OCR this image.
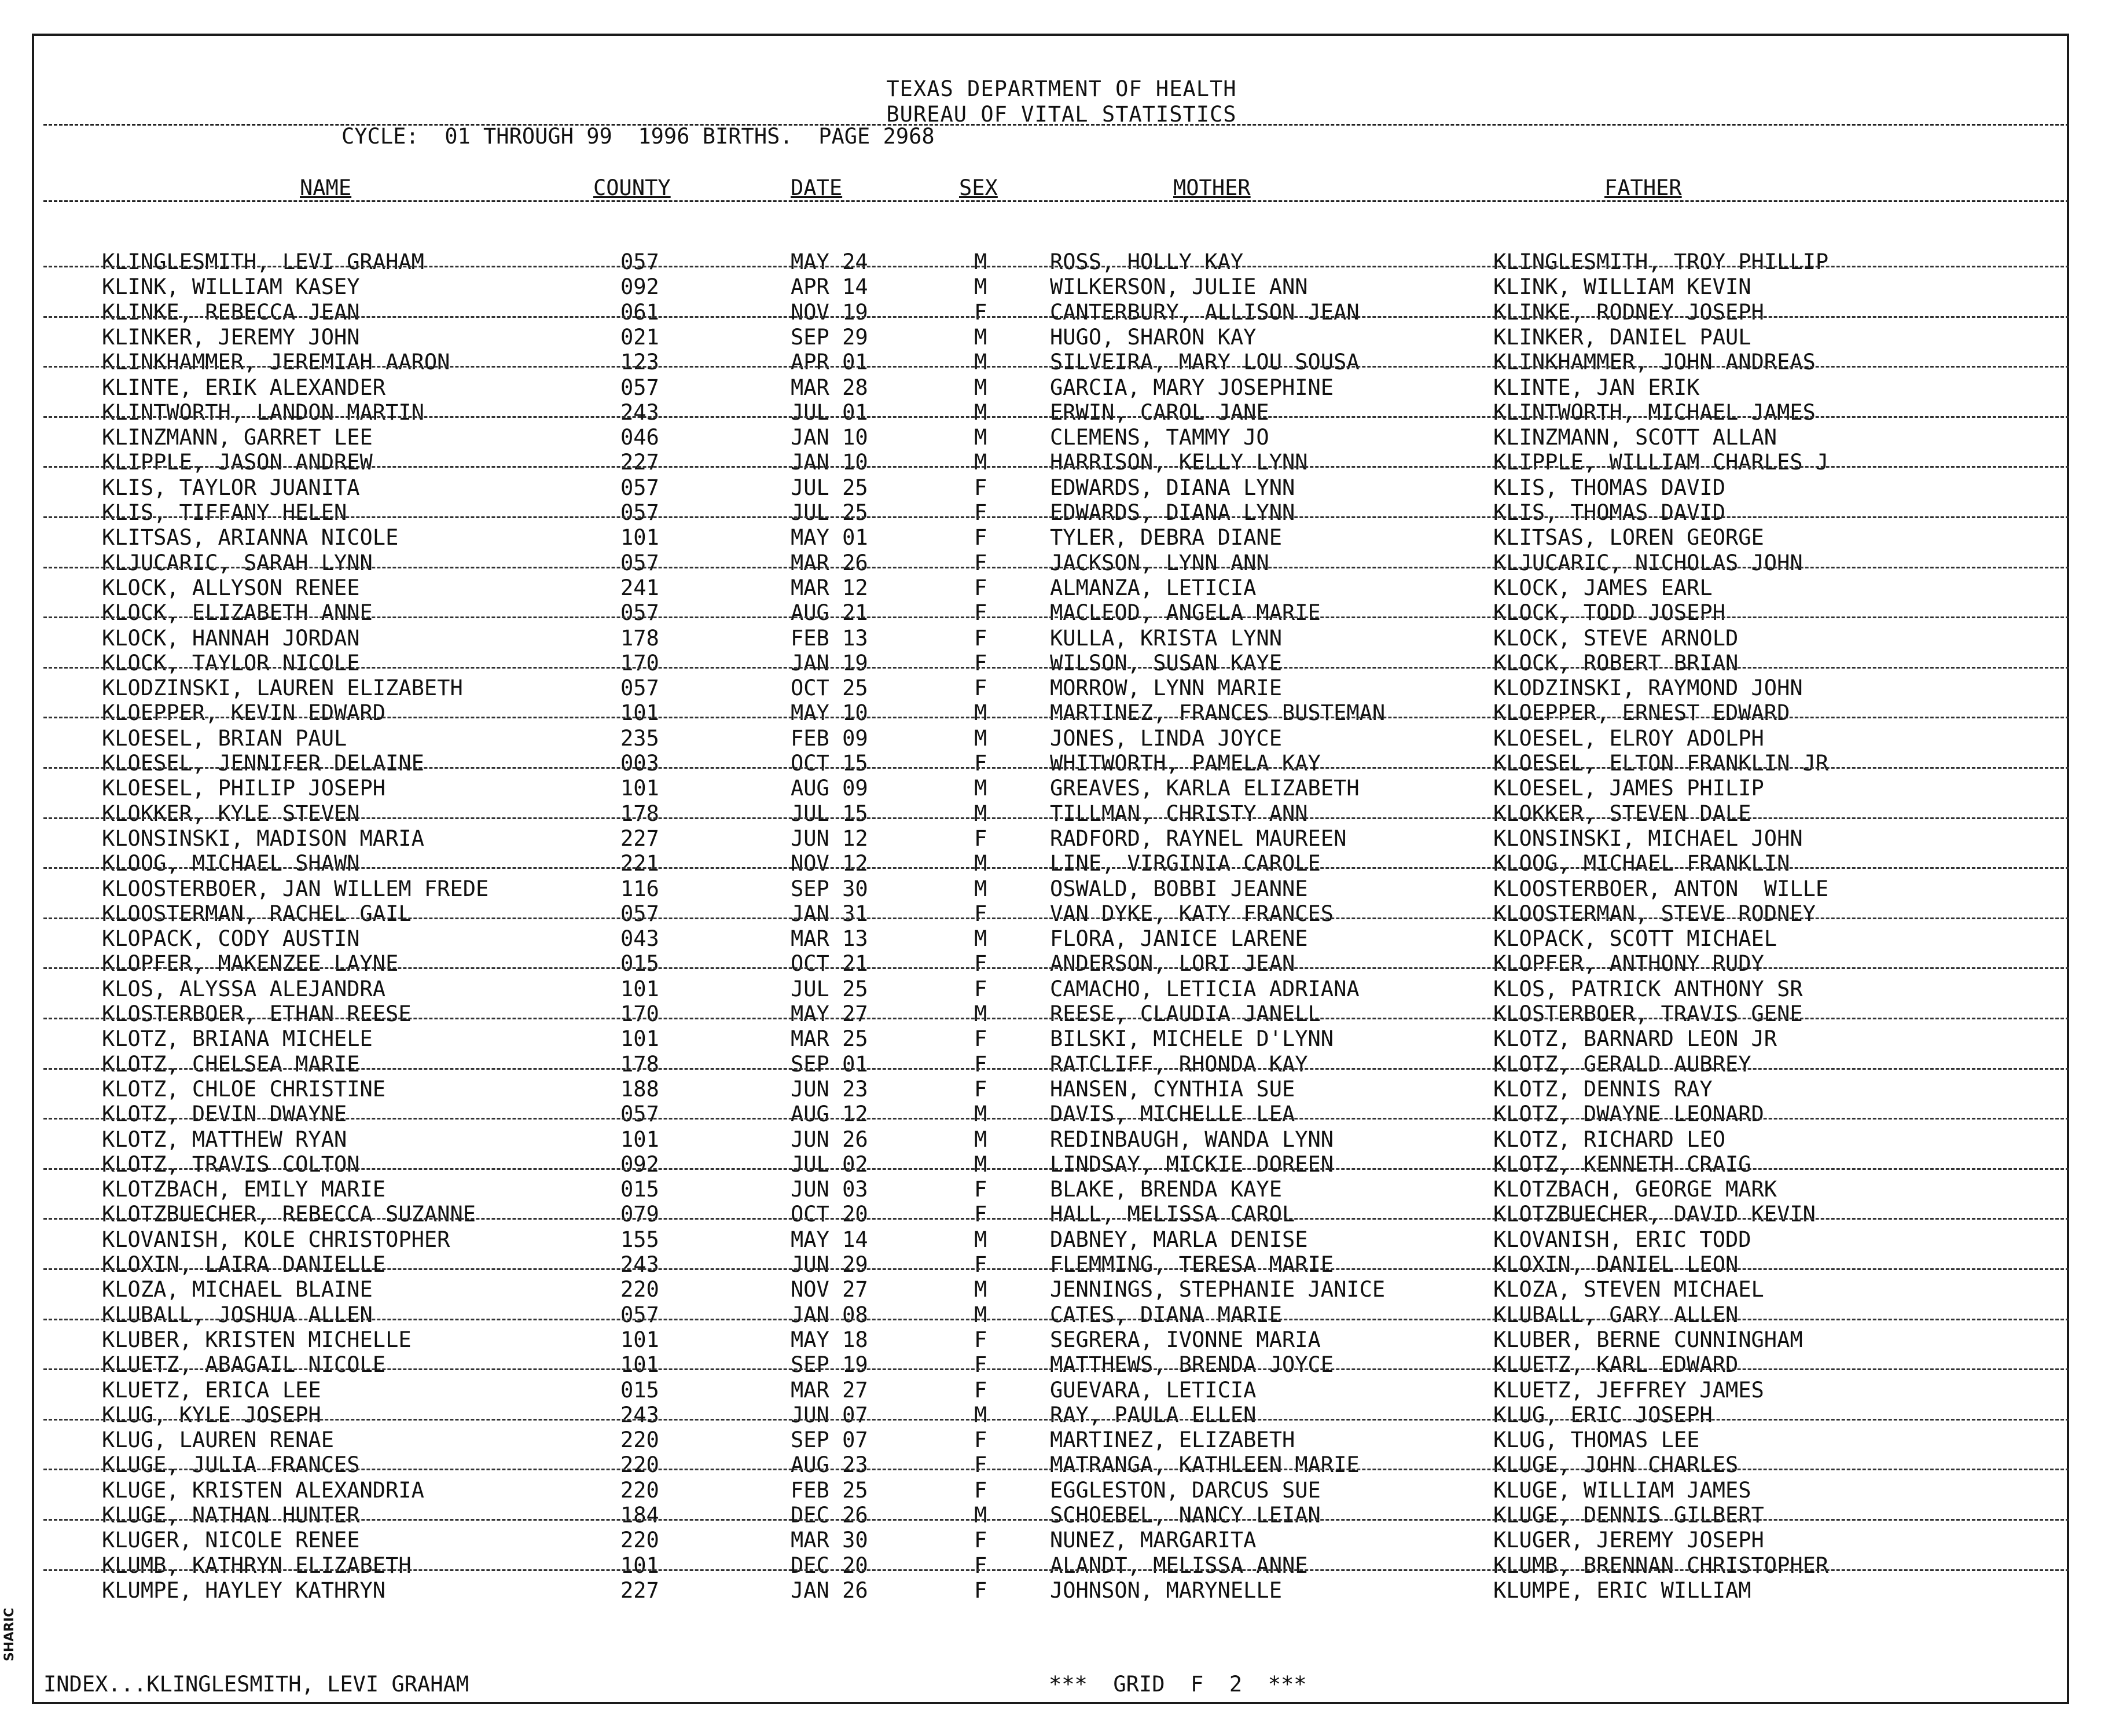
TEXAS DEPARTMENT OF HEALTH
BUREAU OF VITAL STATISTICS
CYCLE:  01 THROUGH 99  1996 BIRTHS.  PAGE 2968
NAME	COUNTY	DATE	SEX	MOTHER	FATHER
KLINGLESMITH, LEVI GRAHAM	057	MAY 24	M	ROSS, HOLLY KAY	KLINGLESMITH, TROY PHILLIP
KLINK, WILLIAM KASEY	092	APR 14	M	WILKERSON, JULIE ANN	KLINK, WILLIAM KEVIN
KLINKE, REBECCA JEAN	061	NOV 19	F	CANTERBURY, ALLISON JEAN	KLINKE, RODNEY JOSEPH
KLINKER, JEREMY JOHN	021	SEP 29	M	HUGO, SHARON KAY	KLINKER, DANIEL PAUL
KLINKHAMMER, JEREMIAH AARON	123	APR 01	M	SILVEIRA, MARY LOU SOUSA	KLINKHAMMER, JOHN ANDREAS
KLINTE, ERIK ALEXANDER	057	MAR 28	M	GARCIA, MARY JOSEPHINE	KLINTE, JAN ERIK
KLINTWORTH, LANDON MARTIN	243	JUL 01	M	ERWIN, CAROL JANE	KLINTWORTH, MICHAEL JAMES
KLINZMANN, GARRET LEE	046	JAN 10	M	CLEMENS, TAMMY JO	KLINZMANN, SCOTT ALLAN
KLIPPLE, JASON ANDREW	227	JAN 10	M	HARRISON, KELLY LYNN	KLIPPLE, WILLIAM CHARLES J
KLIS, TAYLOR JUANITA	057	JUL 25	F	EDWARDS, DIANA LYNN	KLIS, THOMAS DAVID
KLIS, TIFFANY HELEN	057	JUL 25	F	EDWARDS, DIANA LYNN	KLIS, THOMAS DAVID
KLITSAS, ARIANNA NICOLE	101	MAY 01	F	TYLER, DEBRA DIANE	KLITSAS, LOREN GEORGE
KLJUCARIC, SARAH LYNN	057	MAR 26	F	JACKSON, LYNN ANN	KLJUCARIC, NICHOLAS JOHN
KLOCK, ALLYSON RENEE	241	MAR 12	F	ALMANZA, LETICIA	KLOCK, JAMES EARL
KLOCK, ELIZABETH ANNE	057	AUG 21	F	MACLEOD, ANGELA MARIE	KLOCK, TODD JOSEPH
KLOCK, HANNAH JORDAN	178	FEB 13	F	KULLA, KRISTA LYNN	KLOCK, STEVE ARNOLD
KLOCK, TAYLOR NICOLE	170	JAN 19	F	WILSON, SUSAN KAYE	KLOCK, ROBERT BRIAN
KLODZINSKI, LAUREN ELIZABETH	057	OCT 25	F	MORROW, LYNN MARIE	KLODZINSKI, RAYMOND JOHN
KLOEPPER, KEVIN EDWARD	101	MAY 10	M	MARTINEZ, FRANCES BUSTEMAN	KLOEPPER, ERNEST EDWARD
KLOESEL, BRIAN PAUL	235	FEB 09	M	JONES, LINDA JOYCE	KLOESEL, ELROY ADOLPH
KLOESEL, JENNIFER DELAINE	003	OCT 15	F	WHITWORTH, PAMELA KAY	KLOESEL, ELTON FRANKLIN JR
KLOESEL, PHILIP JOSEPH	101	AUG 09	M	GREAVES, KARLA ELIZABETH	KLOESEL, JAMES PHILIP
KLOKKER, KYLE STEVEN	178	JUL 15	M	TILLMAN, CHRISTY ANN	KLOKKER, STEVEN DALE
KLONSINSKI, MADISON MARIA	227	JUN 12	F	RADFORD, RAYNEL MAUREEN	KLONSINSKI, MICHAEL JOHN
KLOOG, MICHAEL SHAWN	221	NOV 12	M	LINE, VIRGINIA CAROLE	KLOOG, MICHAEL FRANKLIN
KLOOSTERBOER, JAN WILLEM FREDE	116	SEP 30	M	OSWALD, BOBBI JEANNE	KLOOSTERBOER, ANTON  WILLE
KLOOSTERMAN, RACHEL GAIL	057	JAN 31	F	VAN DYKE, KATY FRANCES	KLOOSTERMAN, STEVE RODNEY
KLOPACK, CODY AUSTIN	043	MAR 13	M	FLORA, JANICE LARENE	KLOPACK, SCOTT MICHAEL
KLOPFER, MAKENZEE LAYNE	015	OCT 21	F	ANDERSON, LORI JEAN	KLOPFER, ANTHONY RUDY
KLOS, ALYSSA ALEJANDRA	101	JUL 25	F	CAMACHO, LETICIA ADRIANA	KLOS, PATRICK ANTHONY SR
KLOSTERBOER, ETHAN REESE	170	MAY 27	M	REESE, CLAUDIA JANELL	KLOSTERBOER, TRAVIS GENE
KLOTZ, BRIANA MICHELE	101	MAR 25	F	BILSKI, MICHELE D'LYNN	KLOTZ, BARNARD LEON JR
KLOTZ, CHELSEA MARIE	178	SEP 01	F	RATCLIFF, RHONDA KAY	KLOTZ, GERALD AUBREY
KLOTZ, CHLOE CHRISTINE	188	JUN 23	F	HANSEN, CYNTHIA SUE	KLOTZ, DENNIS RAY
KLOTZ, DEVIN DWAYNE	057	AUG 12	M	DAVIS, MICHELLE LEA	KLOTZ, DWAYNE LEONARD
KLOTZ, MATTHEW RYAN	101	JUN 26	M	REDINBAUGH, WANDA LYNN	KLOTZ, RICHARD LEO
KLOTZ, TRAVIS COLTON	092	JUL 02	M	LINDSAY, MICKIE DOREEN	KLOTZ, KENNETH CRAIG
KLOTZBACH, EMILY MARIE	015	JUN 03	F	BLAKE, BRENDA KAYE	KLOTZBACH, GEORGE MARK
KLOTZBUECHER, REBECCA SUZANNE	079	OCT 20	F	HALL, MELISSA CAROL	KLOTZBUECHER, DAVID KEVIN
KLOVANISH, KOLE CHRISTOPHER	155	MAY 14	M	DABNEY, MARLA DENISE	KLOVANISH, ERIC TODD
KLOXIN, LAIRA DANIELLE	243	JUN 29	F	FLEMMING, TERESA MARIE	KLOXIN, DANIEL LEON
KLOZA, MICHAEL BLAINE	220	NOV 27	M	JENNINGS, STEPHANIE JANICE	KLOZA, STEVEN MICHAEL
KLUBALL, JOSHUA ALLEN	057	JAN 08	M	CATES, DIANA MARIE	KLUBALL, GARY ALLEN
KLUBER, KRISTEN MICHELLE	101	MAY 18	F	SEGRERA, IVONNE MARIA	KLUBER, BERNE CUNNINGHAM
KLUETZ, ABAGAIL NICOLE	101	SEP 19	F	MATTHEWS, BRENDA JOYCE	KLUETZ, KARL EDWARD
KLUETZ, ERICA LEE	015	MAR 27	F	GUEVARA, LETICIA	KLUETZ, JEFFREY JAMES
KLUG, KYLE JOSEPH	243	JUN 07	M	RAY, PAULA ELLEN	KLUG, ERIC JOSEPH
KLUG, LAUREN RENAE	220	SEP 07	F	MARTINEZ, ELIZABETH	KLUG, THOMAS LEE
KLUGE, JULIA FRANCES	220	AUG 23	F	MATRANGA, KATHLEEN MARIE	KLUGE, JOHN CHARLES
KLUGE, KRISTEN ALEXANDRIA	220	FEB 25	F	EGGLESTON, DARCUS SUE	KLUGE, WILLIAM JAMES
KLUGE, NATHAN HUNTER	184	DEC 26	M	SCHOEBEL, NANCY LEIAN	KLUGE, DENNIS GILBERT
KLUGER, NICOLE RENEE	220	MAR 30	F	NUNEZ, MARGARITA	KLUGER, JEREMY JOSEPH
KLUMB, KATHRYN ELIZABETH	101	DEC 20	F	ALANDT, MELISSA ANNE	KLUMB, BRENNAN CHRISTOPHER
KLUMPE, HAYLEY KATHRYN	227	JAN 26	F	JOHNSON, MARYNELLE	KLUMPE, ERIC WILLIAM
INDEX...KLINGLESMITH, LEVI GRAHAM	***  GRID  F  2  ***
SHARIC
